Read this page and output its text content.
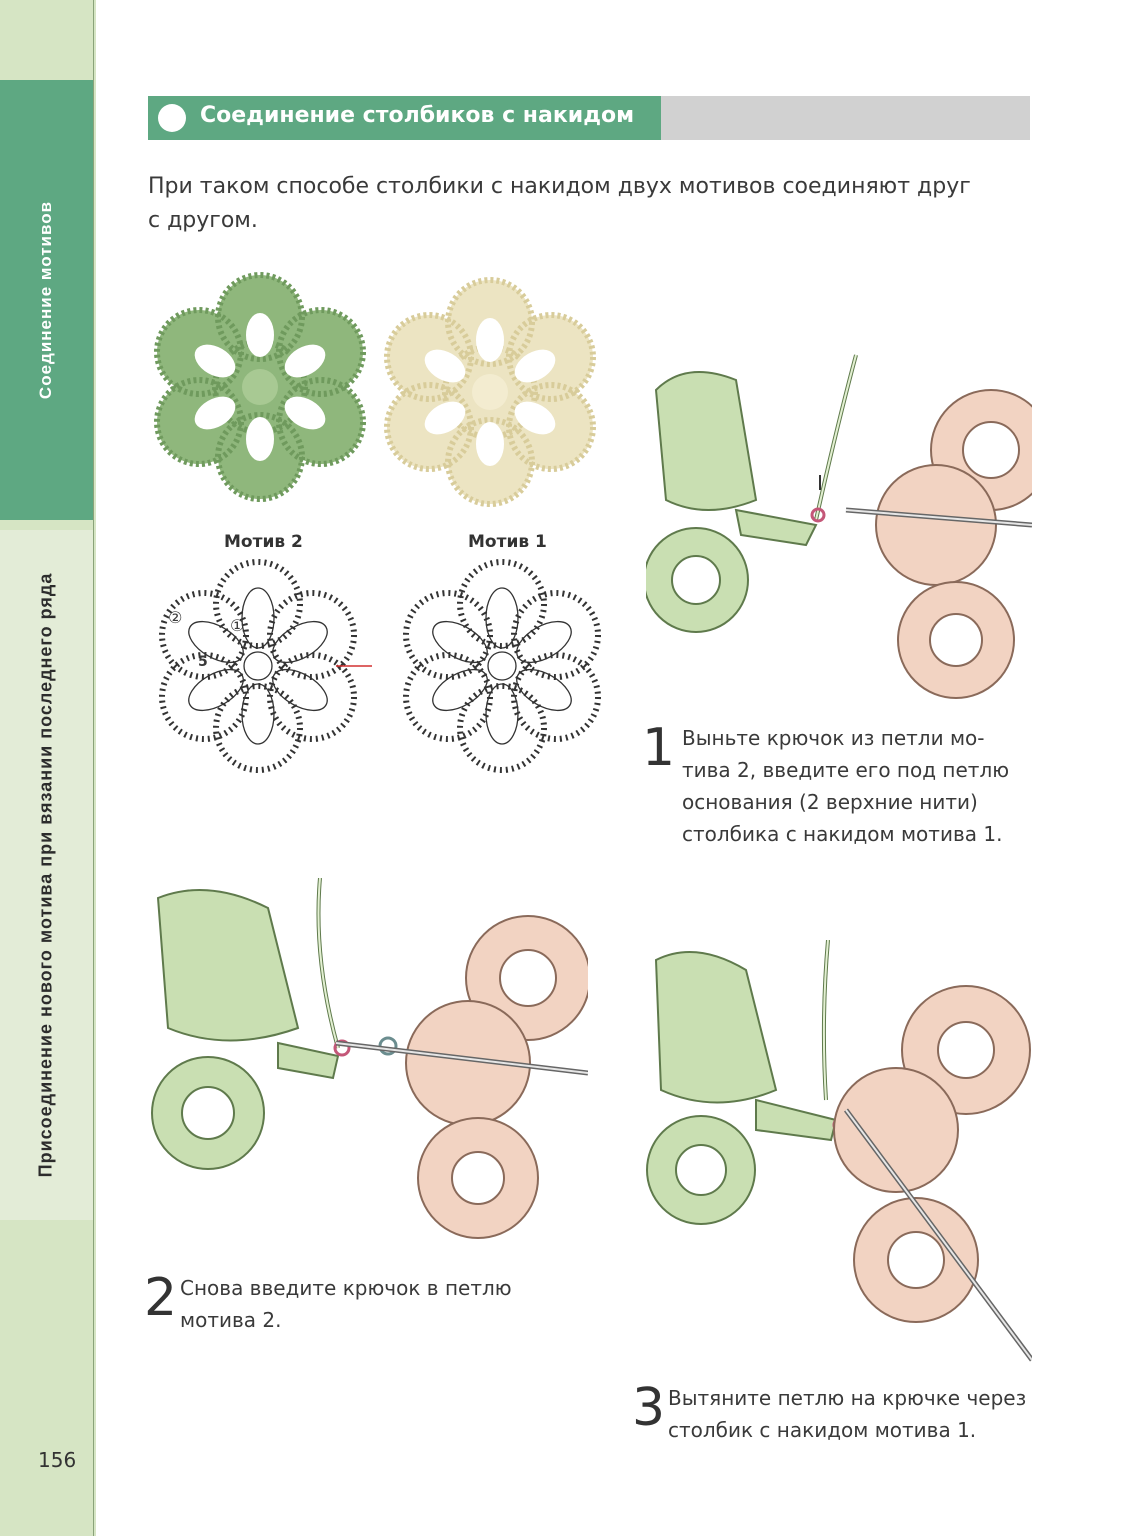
Соединение мотивов
Присоединение нового мотива при вязании последнего ряда
156
Соединение столбиков с накидом
При таком способе столбики с накидом двух мотивов соединяют друг
с другом.
Мотив 2	Мотив 1
②	①
5
1 Выньте крючок из петли мо-
тива 2, введите его под петлю
основания (2 верхние нити)
столбика с накидом мотива 1.
2 Снова введите крючок в петлю
мотива 2.
3 Вытяните петлю на крючке через
столбик с накидом мотива 1.
